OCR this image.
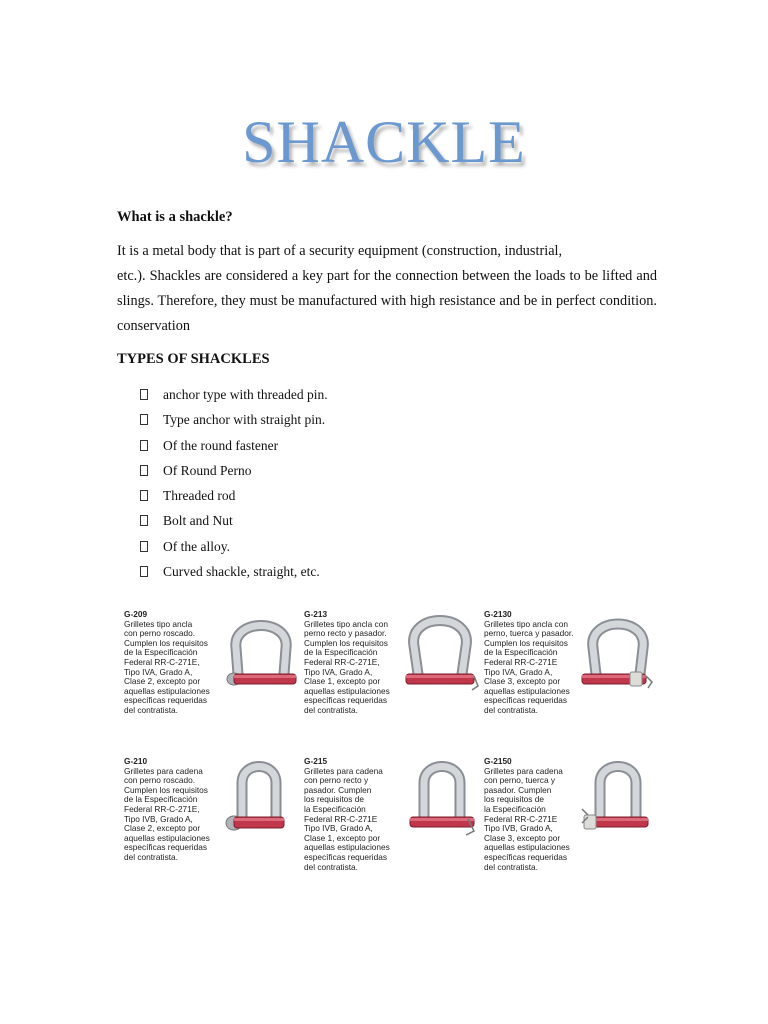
SHACKLE
What is a shackle?
It is a metal body that is part of a security equipment (construction, industrial,
etc.). Shackles are considered a key part for the connection between the loads to be lifted and
slings. Therefore, they must be manufactured with high resistance and be in perfect condition.
conservation
TYPES OF SHACKLES
anchor type with threaded pin.
Type anchor with straight pin.
Of the round fastener
Of Round Perno
Threaded rod
Bolt and Nut
Of the alloy.
Curved shackle, straight, etc.
G-209
Grilletes tipo ancla
con perno roscado.
Cumplen los requisitos
de la Especificación
Federal RR-C-271E,
Tipo IVA, Grado A,
Clase 2, excepto por
aquellas estipulaciones
específicas requeridas
del contratista.
G-213
Grilletes tipo ancla con
perno recto y pasador.
Cumplen los requisitos
de la Especificación
Federal RR-C-271E,
Tipo IVA, Grado A,
Clase 1, excepto por
aquellas estipulaciones
específicas requeridas
del contratista.
G-2130
Grilletes tipo ancla con
perno, tuerca y pasador.
Cumplen los requisitos
de la Especificación
Federal RR-C-271E
Tipo IVA, Grado A,
Clase 3, excepto por
aquellas estipulaciones
específicas requeridas
del contratista.
G-210
Grilletes para cadena
con perno roscado.
Cumplen los requisitos
de la Especificación
Federal RR-C-271E,
Tipo IVB, Grado A,
Clase 2, excepto por
aquellas estipulaciones
específicas requeridas
del contratista.
G-215
Grilletes para cadena
con perno recto y
pasador. Cumplen
los requisitos de
la Especificación
Federal RR-C-271E
Tipo IVB, Grado A,
Clase 1, excepto por
aquellas estipulaciones
específicas requeridas
del contratista.
G-2150
Grilletes para cadena
con perno, tuerca y
pasador. Cumplen
los requisitos de
la Especificación
Federal RR-C-271E
Tipo IVB, Grado A,
Clase 3, excepto por
aquellas estipulaciones
específicas requeridas
del contratista.
